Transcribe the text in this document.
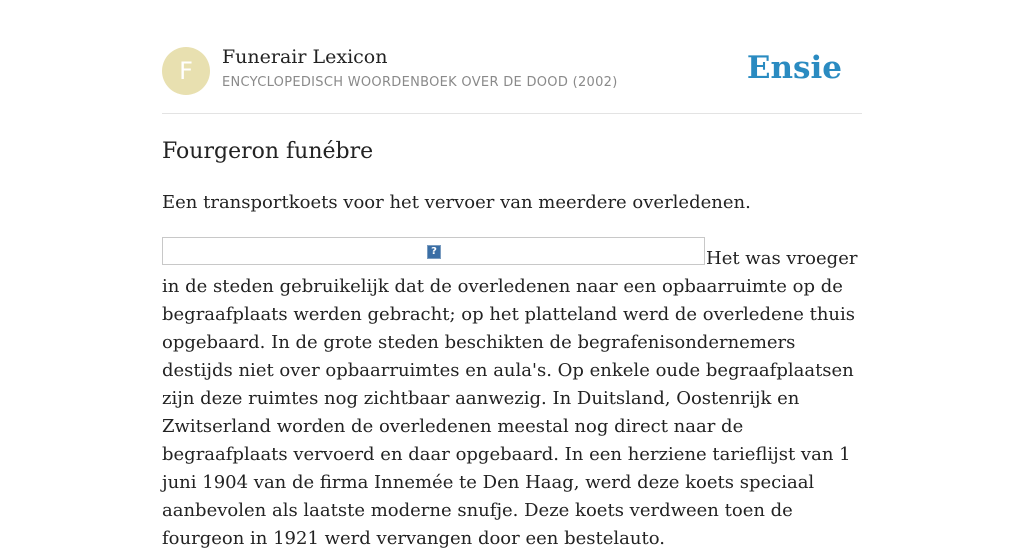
F	Funerair Lexicon
ENCYCLOPEDISCH WOORDENBOEK OVER DE DOOD (2002)	Ensie
Fourgeron funébre

Een transportkoets voor het vervoer van meerdere overledenen.

?	Het was vroeger in de steden gebruikelijk dat de overledenen naar een opbaarruimte op de begraafplaats werden gebracht; op het platteland werd de overledene thuis opgebaard. In de grote steden beschikten de begrafenisondernemers destijds niet over opbaarruimtes en aula's. Op enkele oude begraafplaatsen zijn deze ruimtes nog zichtbaar aanwezig. In Duitsland, Oostenrijk en Zwitserland worden de overledenen meestal nog direct naar de begraafplaats vervoerd en daar opgebaard. In een herziene tarieflijst van 1 juni 1904 van de firma Innemée te Den Haag, werd deze koets speciaal aanbevolen als laatste moderne snufje. Deze koets verdween toen de fourgeon in 1921 werd vervangen door een bestelauto.
